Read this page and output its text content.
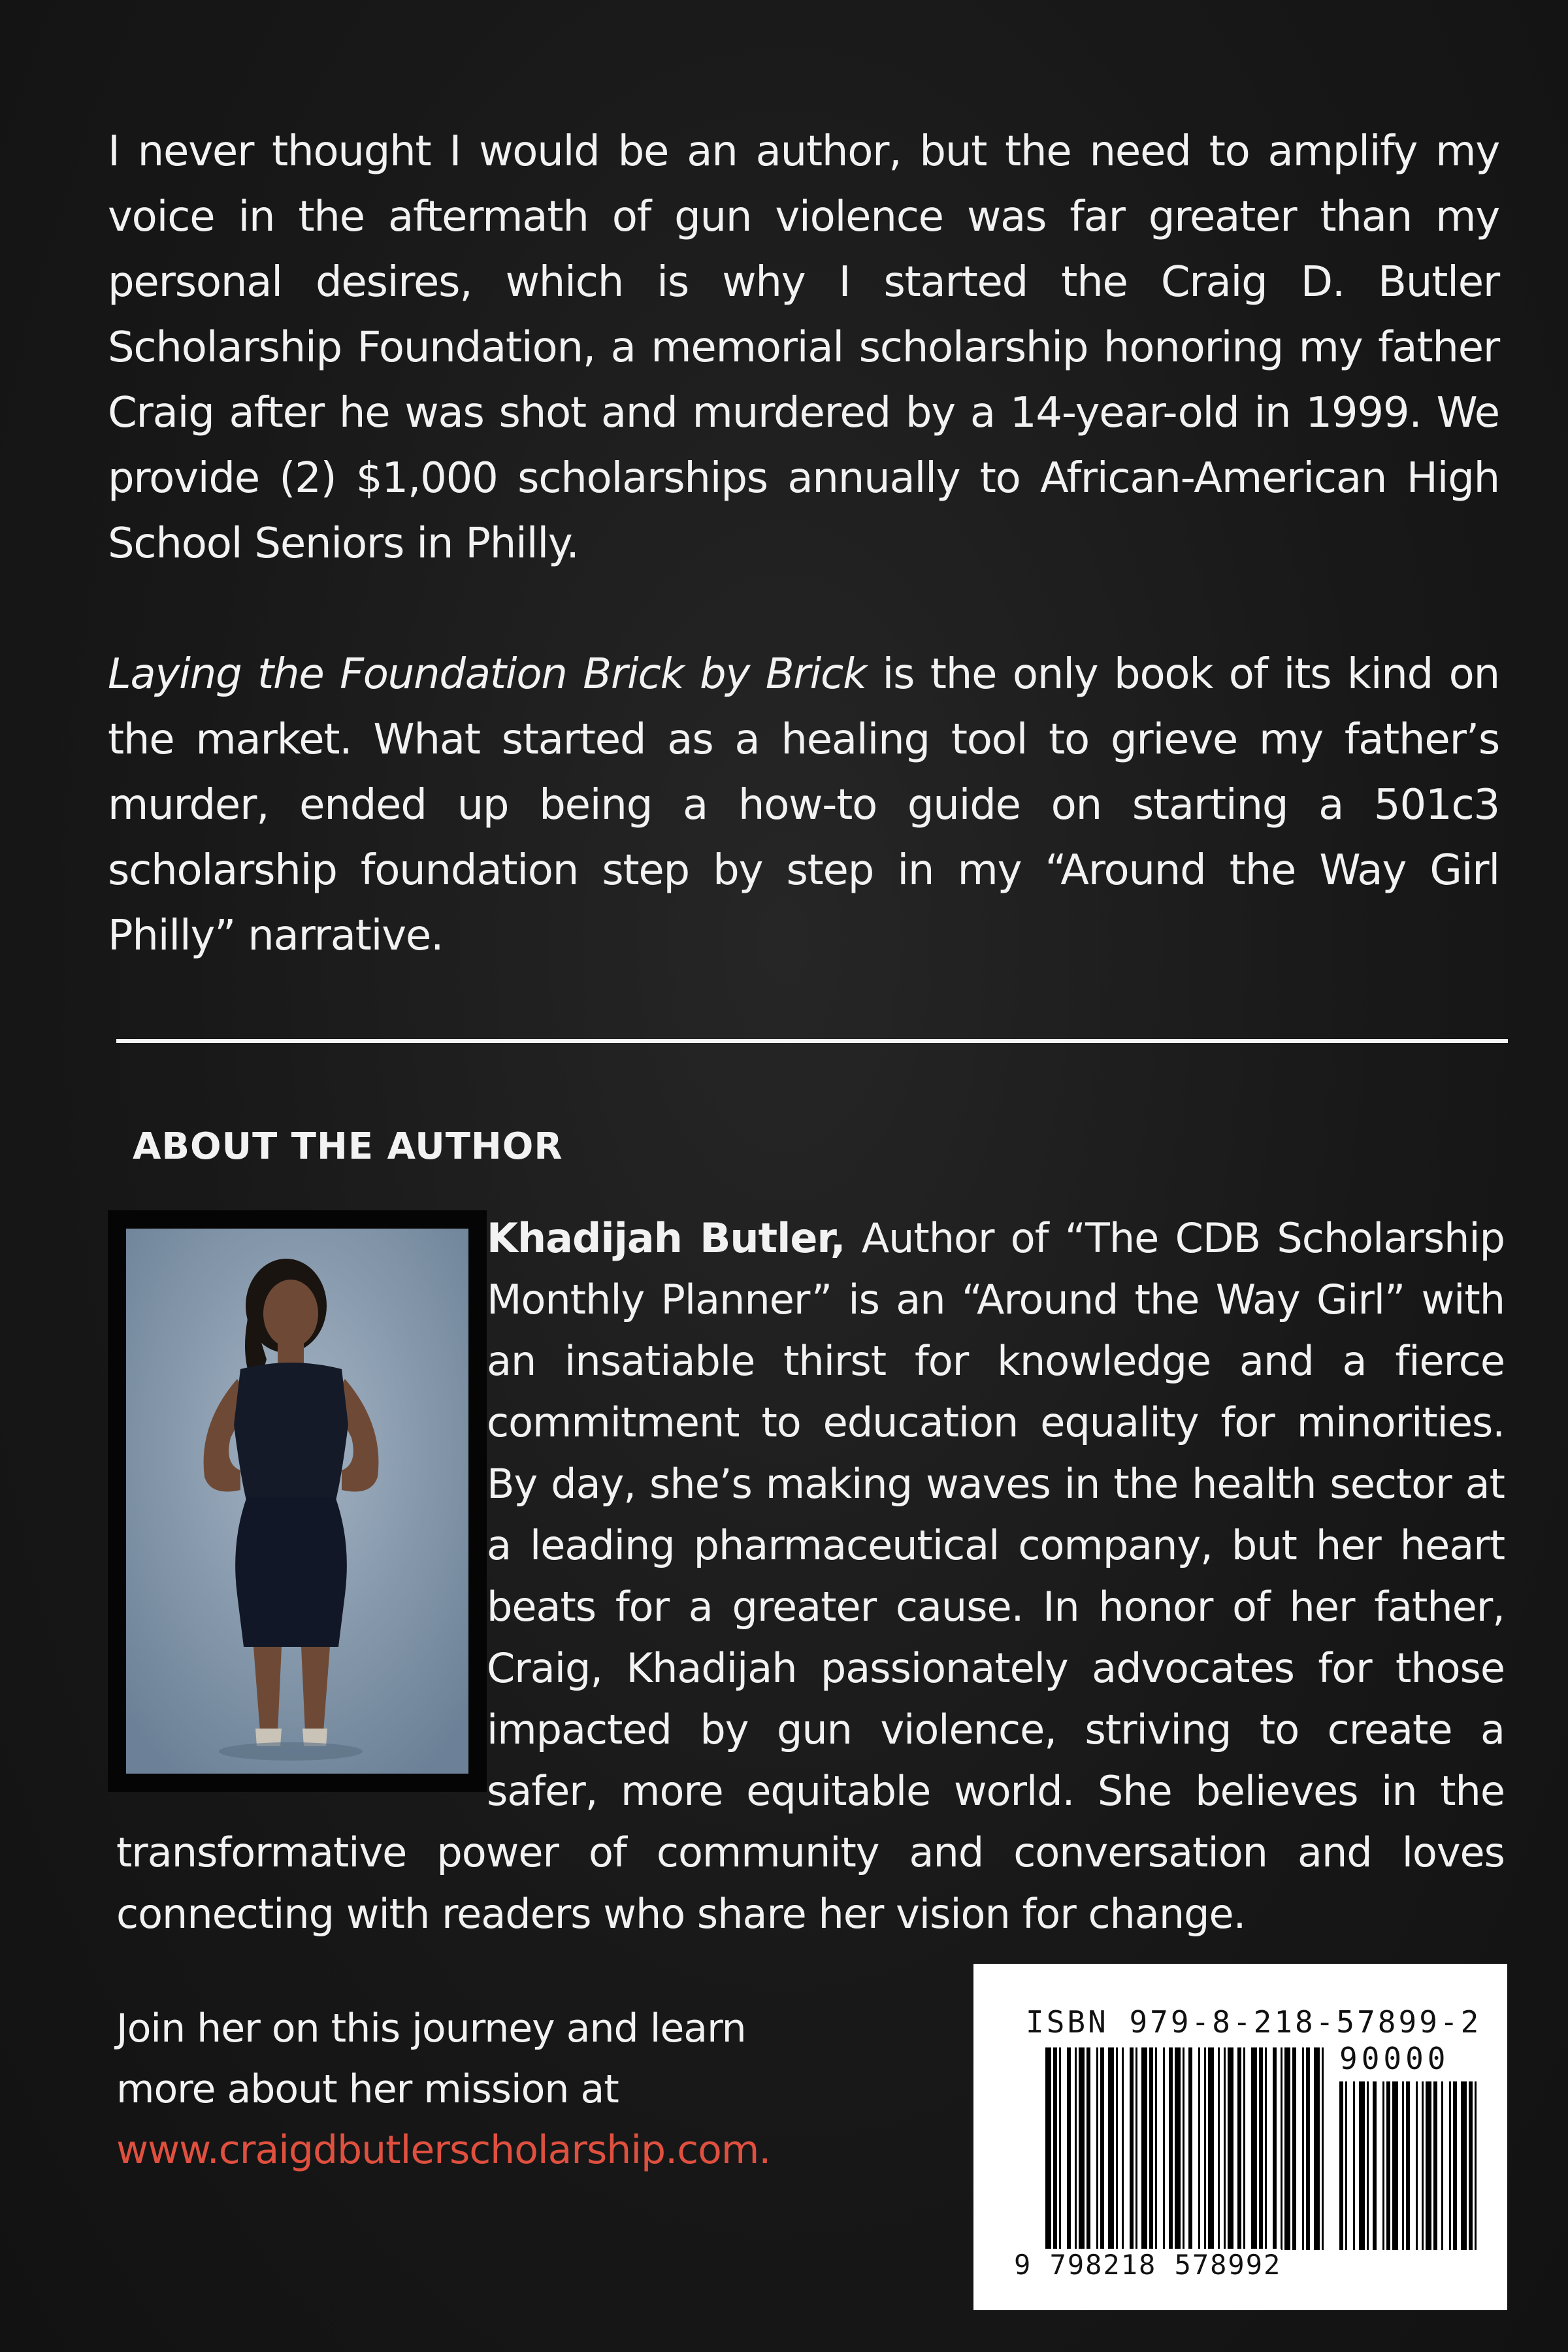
I never thought I would be an author, but the need to amplify my voice in the aftermath of gun violence was far greater than my personal desires, which is why I started the Craig D. Butler Scholarship Foundation, a memorial scholarship honoring my father Craig after he was shot and murdered by a 14-year-old in 1999. We provide (2) $1,000 scholarships annually to African-American High School Seniors in Philly.

Laying the Foundation Brick by Brick is the only book of its kind on the market. What started as a healing tool to grieve my father’s murder, ended up being a how-to guide on starting a 501c3 scholarship foundation step by step in my “Around the Way Girl Philly” narrative.

ABOUT THE AUTHOR

Khadijah Butler, Author of “The CDB Scholarship Monthly Planner” is an “Around the Way Girl” with an insatiable thirst for knowledge and a fierce commitment to education equality for minorities. By day, she’s making waves in the health sector at a leading pharmaceutical company, but her heart beats for a greater cause. In honor of her father, Craig, Khadijah passionately advocates for those impacted by gun violence, striving to create a safer, more equitable world. She believes in the transformative power of community and conversation and loves connecting with readers who share her vision for change.

Join her on this journey and learn
more about her mission at
www.craigdbutlerscholarship.com.

ISBN 979-8-218-57899-2

90000
9 798218 578992
